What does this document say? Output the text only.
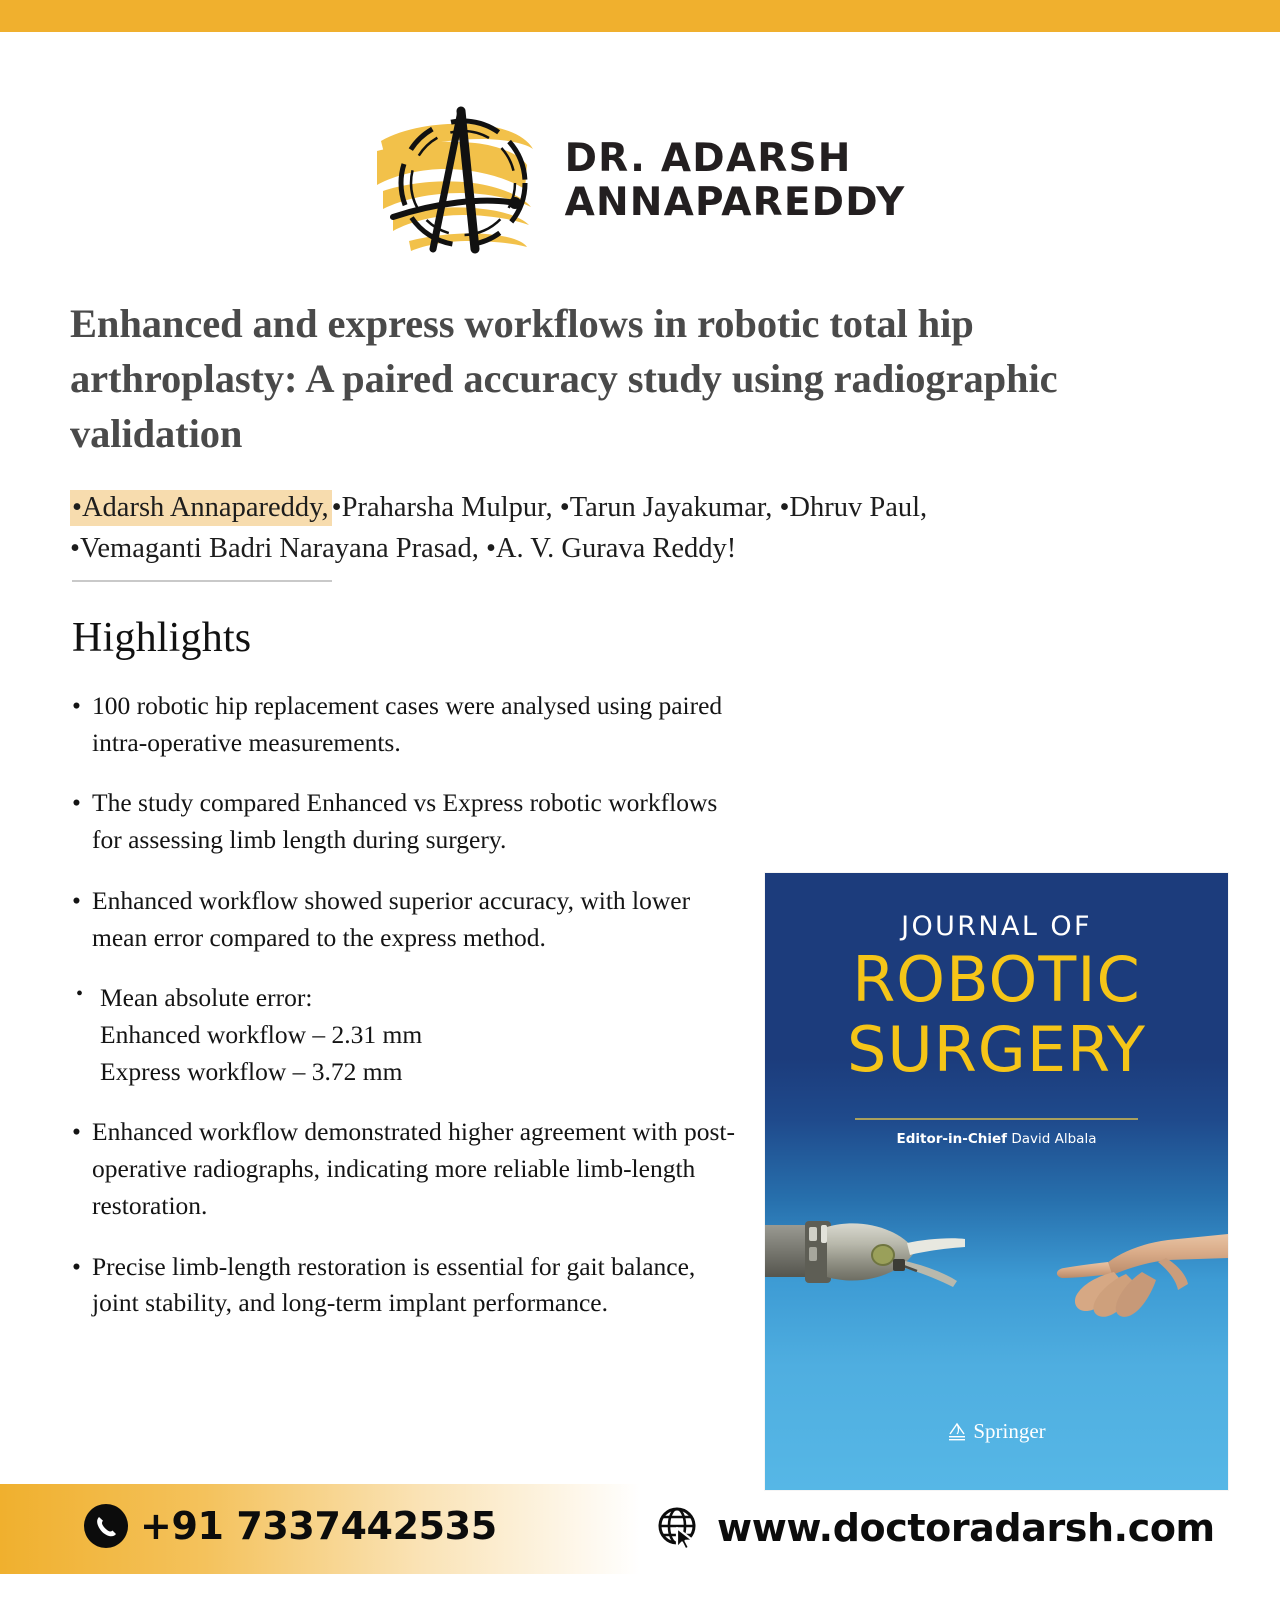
DR. ADARSH
ANNAPAREDDY
Enhanced and express workflows in robotic total hip arthroplasty: A paired accuracy study using radiographic validation
•Adarsh Annapareddy, •Praharsha Mulpur, •Tarun Jayakumar, •Dhruv Paul,
•Vemaganti Badri Narayana Prasad, •A. V. Gurava Reddy!
Highlights
• 100 robotic hip replacement cases were analysed using paired intra-operative measurements.
• The study compared Enhanced vs Express robotic workflows for assessing limb length during surgery.
• Enhanced workflow showed superior accuracy, with lower mean error compared to the express method.
• Mean absolute error:
Enhanced workflow – 2.31 mm
Express workflow – 3.72 mm
• Enhanced workflow demonstrated higher agreement with post-operative radiographs, indicating more reliable limb-length restoration.
• Precise limb-length restoration is essential for gait balance, joint stability, and long-term implant performance.
JOURNAL OF
ROBOTIC
SURGERY
Editor-in-Chief David Albala
Springer
+91 7337442535	www.doctoradarsh.com
